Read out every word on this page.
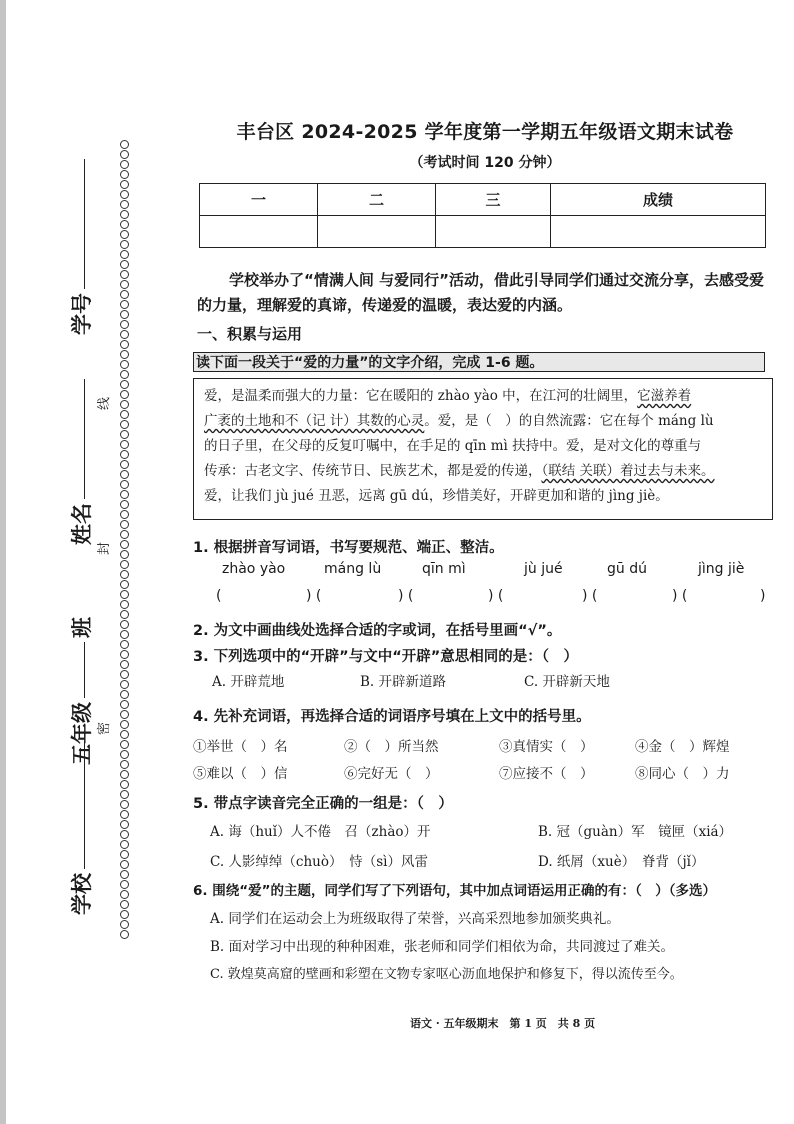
学号
线
姓名
封
班
五年级 密
学校
丰台区 2024-2025 学年度第一学期五年级语文期末试卷
（考试时间 120 分钟）
一	二	三	成绩

学校举办了“情满人间 与爱同行”活动，借此引导同学们通过交流分享，去感受爱的力量，理解爱的真谛，传递爱的温暖，表达爱的内涵。
一、积累与运用
读下面一段关于“爱的力量”的文字介绍，完成 1-6 题。
爱，是温柔而强大的力量：它在暖阳的 zhào yào 中，在江河的壮阔里，它滋养着
广袤的土地和不（记 计）其数的心灵。爱，是（　）的自然流露：它在每个 máng lù
的日子里，在父母的反复叮嘱中，在手足的 qīn mì 扶持中。爱，是对文化的尊重与
传承：古老文字、传统节日、民族艺术，都是爱的传递，（联结 关联）着过去与未来。
爱，让我们 jù jué 丑恶，远离 gū dú，珍惜美好，开辟更加和谐的 jìng jiè。
1. 根据拼音写词语，书写要规范、端正、整洁。
zhào yào	máng lù	qīn mì	jù jué	gū dú	jìng jiè
(	) (	) (	) (	) (	) (	)
2. 为文中画曲线处选择合适的字或词，在括号里画“√”。
3. 下列选项中的“开辟”与文中“开辟”意思相同的是：（　）
A. 开辟荒地	B. 开辟新道路	C. 开辟新天地
4. 先补充词语，再选择合适的词语序号填在上文中的括号里。
①举世（　）名	②（　）所当然	③真情实（　）	④金（　）辉煌
⑤难以（　）信	⑥完好无（　）	⑦应接不（　）	⑧同心（　）力
5. 带点字读音完全正确的一组是：（　）
A. 诲（huǐ）人不倦　召（zhào）开	B. 冠（guàn）军　镜匣（xiá）
C. 人影绰绰（chuò）　恃（sì）风雷	D. 纸屑（xuè）　脊背（jǐ）
6. 围绕“爱”的主题，同学们写了下列语句，其中加点词语运用正确的有：（　）（多选）
A. 同学们在运动会上为班级取得了荣誉，兴高采烈地参加颁奖典礼。
B. 面对学习中出现的种种困难，张老师和同学们相依为命，共同渡过了难关。
C. 敦煌莫高窟的壁画和彩塑在文物专家呕心沥血地保护和修复下，得以流传至今。
语文 · 五年级期末　第 1 页　共 8 页
